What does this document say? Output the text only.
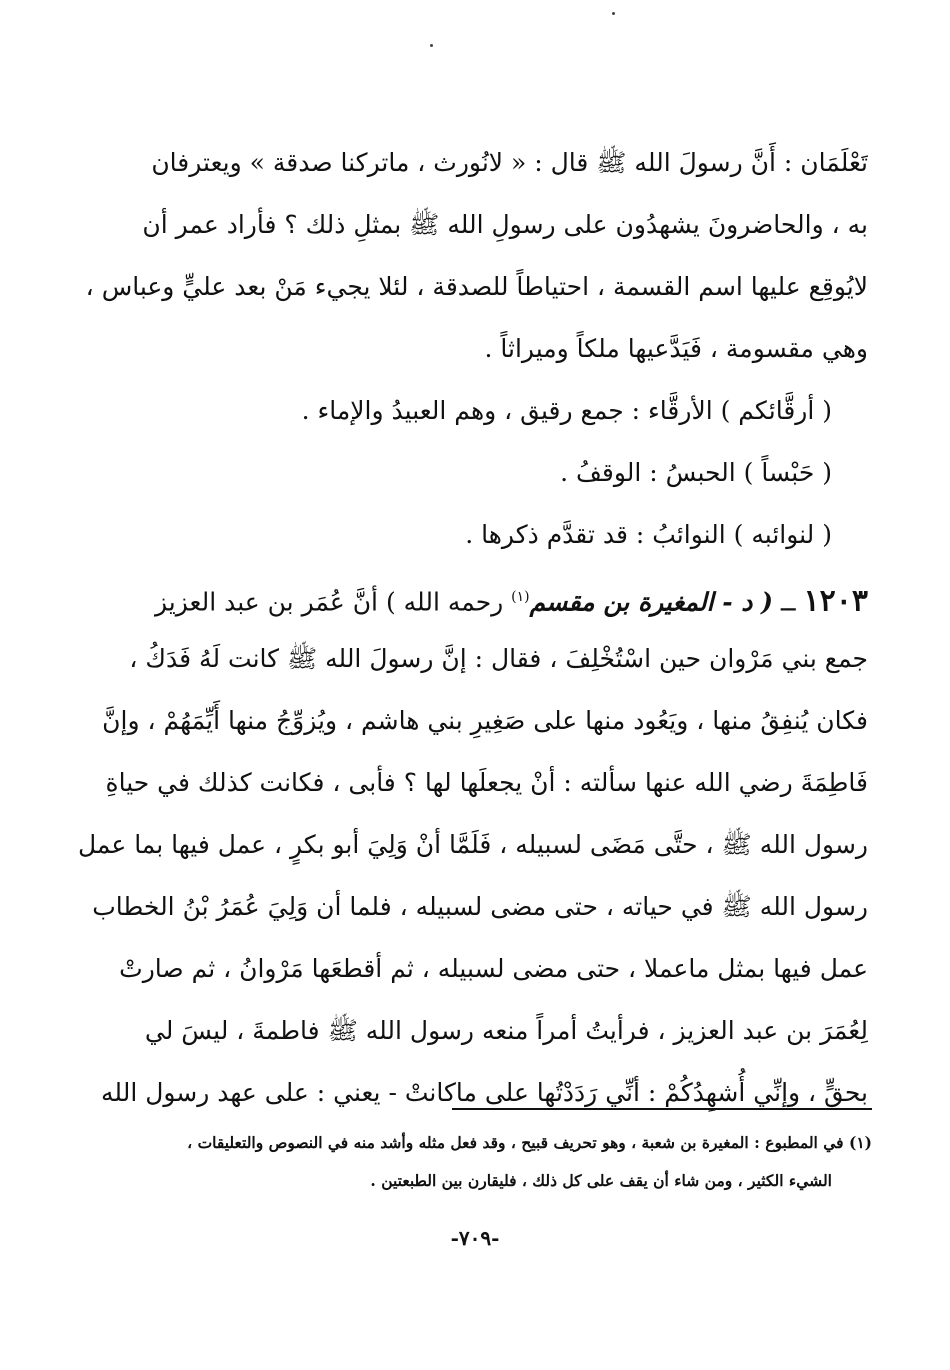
تَعْلَمَان : أَنَّ رسولَ الله ﷺ قال : « لانُورث ، ماتركنا صدقة » ويعترفان
به ، والحاضرونَ يشهدُون على رسولِ الله ﷺ بمثلِ ذلك ؟ فأراد عمر أن
لايُوقِع عليها اسم القسمة ، احتياطاً للصدقة ، لئلا يجيء مَنْ بعد عليٍّ وعباس ،
وهي مقسومة ، فَيَدَّعيها ملكاً وميراثاً .
( أرقَّائكم ) الأرقَّاء : جمع رقيق ، وهم العبيدُ والإماء .
( حَبْساً ) الحبسُ : الوقفُ .
( لنوائبه ) النوائبُ : قد تقدَّم ذكرها .
١٢٠٣ ــ ( د - المغيرة بن مقسم$^{(١)}$ رحمه الله ) أنَّ عُمَر بن عبد العزيز
جمع بني مَرْوان حين اسْتُخْلِفَ ، فقال : إنَّ رسولَ الله ﷺ كانت لَهُ فَدَكُ ،
فكان يُنفِقُ منها ، ويَعُود منها على صَغِيرِ بني هاشم ، ويُزوِّجُ منها أَيِّمَهُمْ ، وإنَّ
فَاطِمَةَ رضي الله عنها سألته : أنْ يجعلَها لها ؟ فأبى ، فكانت كذلك في حياةِ
رسول الله ﷺ ، حتَّى مَضَى لسبيله ، فَلَمَّا أنْ وَلِيَ أبو بكرٍ ، عمل فيها بما عمل
رسول الله ﷺ في حياته ، حتى مضى لسبيله ، فلما أن وَلِيَ عُمَرُ بْنُ الخطاب
عمل فيها بمثل ماعملا ، حتى مضى لسبيله ، ثم أقطعَها مَرْوانُ ، ثم صارتْ
لِعُمَرَ بن عبد العزيز ، فرأيتُ أمراً منعه رسول الله ﷺ فاطمةَ ، ليسَ لي
بحقٍّ ، وإنِّي أُشهِدُكُمْ : أنِّي رَدَدْتُها على ماكانتْ - يعني : على عهد رسول الله
(١) في المطبوع : المغيرة بن شعبة ، وهو تحريف قبيح ، وقد فعل مثله وأشد منه في النصوص والتعليقات ،
الشيء الكثير ، ومن شاء أن يقف على كل ذلك ، فليقارن بين الطبعتين .
-٧٠٩-
